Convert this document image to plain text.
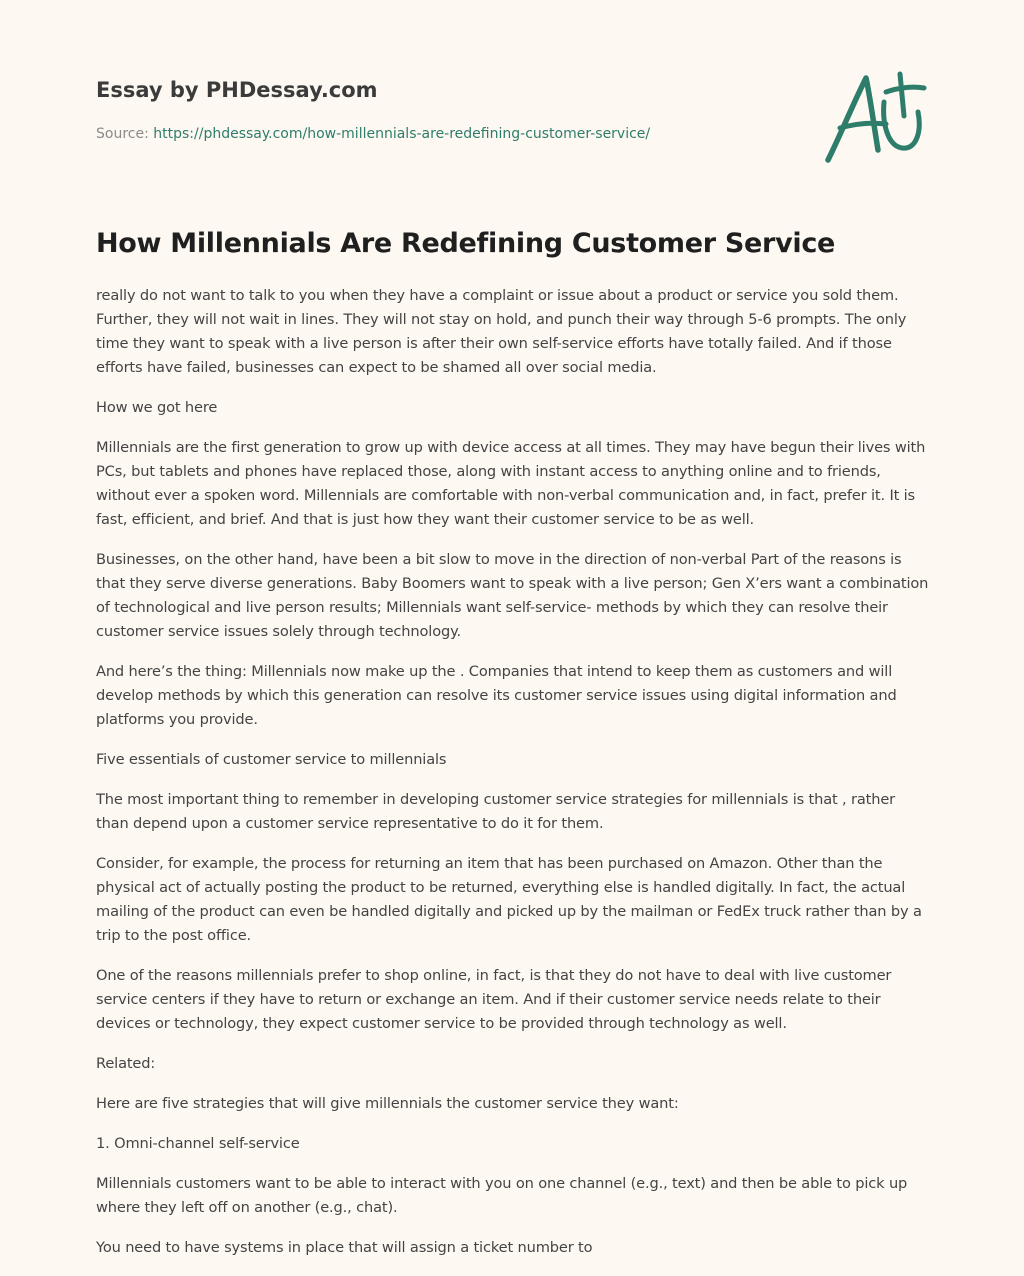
Essay by PHDessay.com
Source: https://phdessay.com/how-millennials-are-redefining-customer-service/
How Millennials Are Redefining Customer Service

really do not want to talk to you when they have a complaint or issue about a product or service you sold them. Further, they will not wait in lines. They will not stay on hold, and punch their way through 5-6 prompts. The only time they want to speak with a live person is after their own self-service efforts have totally failed. And if those efforts have failed, businesses can expect to be shamed all over social media.

How we got here

Millennials are the first generation to grow up with device access at all times. They may have begun their lives with PCs, but tablets and phones have replaced those, along with instant access to anything online and to friends, without ever a spoken word. Millennials are comfortable with non-verbal communication and, in fact, prefer it. It is fast, efficient, and brief. And that is just how they want their customer service to be as well.

Businesses, on the other hand, have been a bit slow to move in the direction of non-verbal Part of the reasons is that they serve diverse generations. Baby Boomers want to speak with a live person; Gen X’ers want a combination of technological and live person results; Millennials want self-service- methods by which they can resolve their customer service issues solely through technology.

And here’s the thing: Millennials now make up the . Companies that intend to keep them as customers and will develop methods by which this generation can resolve its customer service issues using digital information and platforms you provide.

Five essentials of customer service to millennials

The most important thing to remember in developing customer service strategies for millennials is that , rather than depend upon a customer service representative to do it for them.

Consider, for example, the process for returning an item that has been purchased on Amazon. Other than the physical act of actually posting the product to be returned, everything else is handled digitally. In fact, the actual mailing of the product can even be handled digitally and picked up by the mailman or FedEx truck rather than by a trip to the post office.

One of the reasons millennials prefer to shop online, in fact, is that they do not have to deal with live customer service centers if they have to return or exchange an item. And if their customer service needs relate to their devices or technology, they expect customer service to be provided through technology as well.

Related:

Here are five strategies that will give millennials the customer service they want:

1. Omni-channel self-service

Millennials customers want to be able to interact with you on one channel (e.g., text) and then be able to pick up where they left off on another (e.g., chat).

You need to have systems in place that will assign a ticket number to
